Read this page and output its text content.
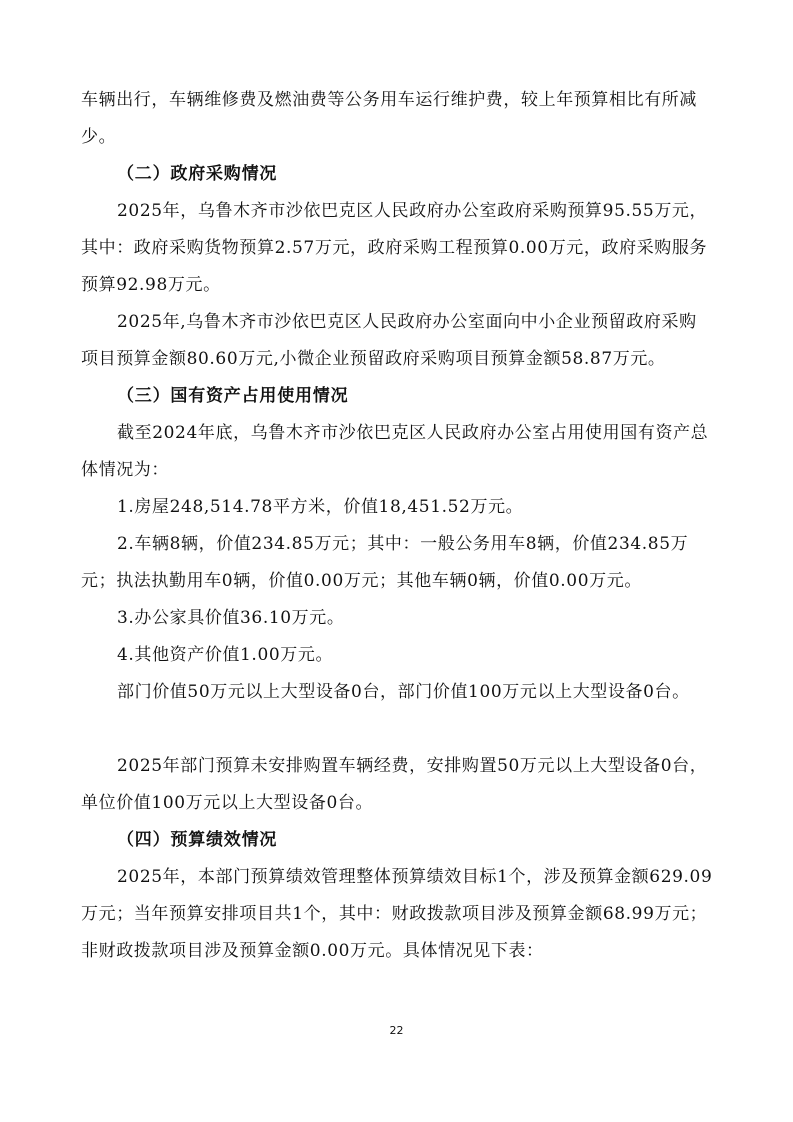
车辆出行，车辆维修费及燃油费等公务用车运行维护费，较上年预算相比有所减少。
（二）政府采购情况
2025年，乌鲁木齐市沙依巴克区人民政府办公室政府采购预算95.55万元，其中：政府采购货物预算2.57万元，政府采购工程预算0.00万元，政府采购服务预算92.98万元。
2025年,乌鲁木齐市沙依巴克区人民政府办公室面向中小企业预留政府采购项目预算金额80.60万元,小微企业预留政府采购项目预算金额58.87万元。
（三）国有资产占用使用情况
截至2024年底，乌鲁木齐市沙依巴克区人民政府办公室占用使用国有资产总体情况为：
1.房屋248,514.78平方米，价值18,451.52万元。
2.车辆8辆，价值234.85万元；其中：一般公务用车8辆，价值234.85万元；执法执勤用车0辆，价值0.00万元；其他车辆0辆，价值0.00万元。
3.办公家具价值36.10万元。
4.其他资产价值1.00万元。
部门价值50万元以上大型设备0台，部门价值100万元以上大型设备0台。
2025年部门预算未安排购置车辆经费，安排购置50万元以上大型设备0台，单位价值100万元以上大型设备0台。
（四）预算绩效情况
2025年，本部门预算绩效管理整体预算绩效目标1个，涉及预算金额629.09万元；当年预算安排项目共1个，其中：财政拨款项目涉及预算金额68.99万元；非财政拨款项目涉及预算金额0.00万元。具体情况见下表：
22
